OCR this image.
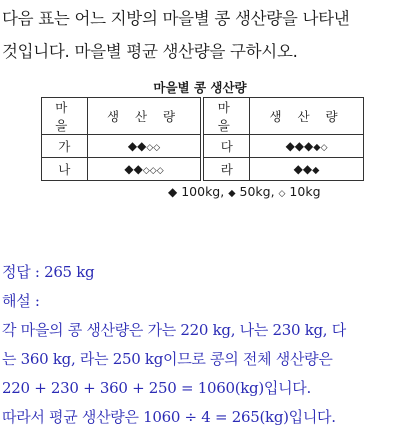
다음 표는 어느 지방의 마을별 콩 생산량을 나타낸
것입니다. 마을별 평균 생산량을 구하시오.
마을별 콩 생산량
마 을	생 산 량	마 을	생 산 량
가	◆◆◇◇	다	◆◆◆◆◇
나	◆◆◇◇◇	라	◆◆◆
◆ 100kg, ◆ 50kg, ◇ 10kg
정답 : 265 kg
해설 :
각 마을의 콩 생산량은 가는 220 kg, 나는 230 kg, 다
는 360 kg, 라는 250 kg이므로 콩의 전체 생산량은
220 + 230 + 360 + 250 = 1060(kg)입니다.
따라서 평균 생산량은 1060 ÷ 4 = 265(kg)입니다.
